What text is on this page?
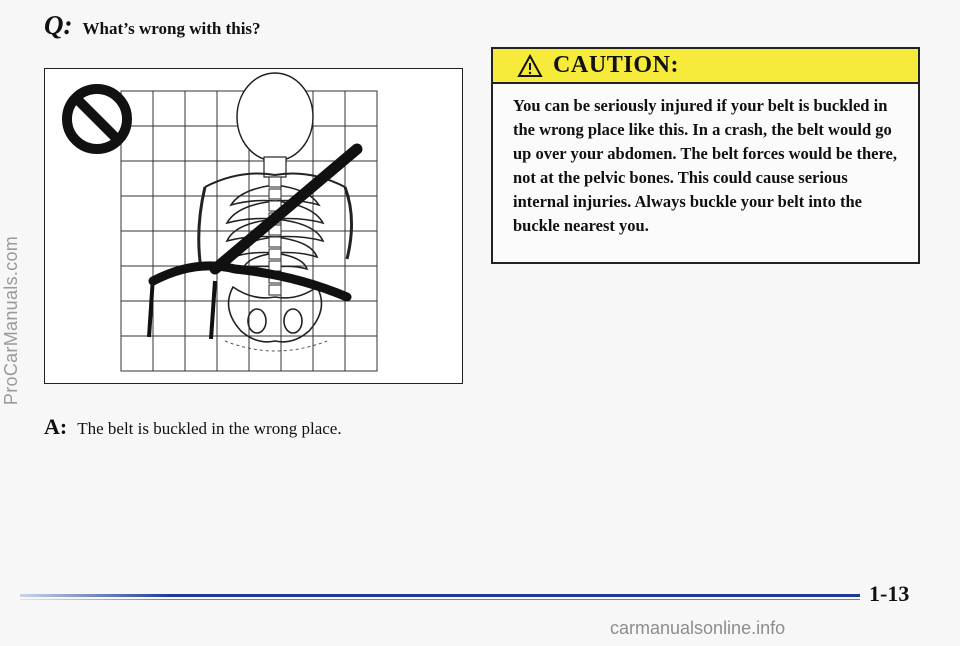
ProCarManuals.com
Q: What’s wrong with this?
A: The belt is buckled in the wrong place.
CAUTION:
You can be seriously injured if your belt is buckled in the wrong place like this. In a crash, the belt would go up over your abdomen. The belt forces would be there, not at the pelvic bones. This could cause serious internal injuries. Always buckle your belt into the buckle nearest you.
1-13
carmanualsonline.info
